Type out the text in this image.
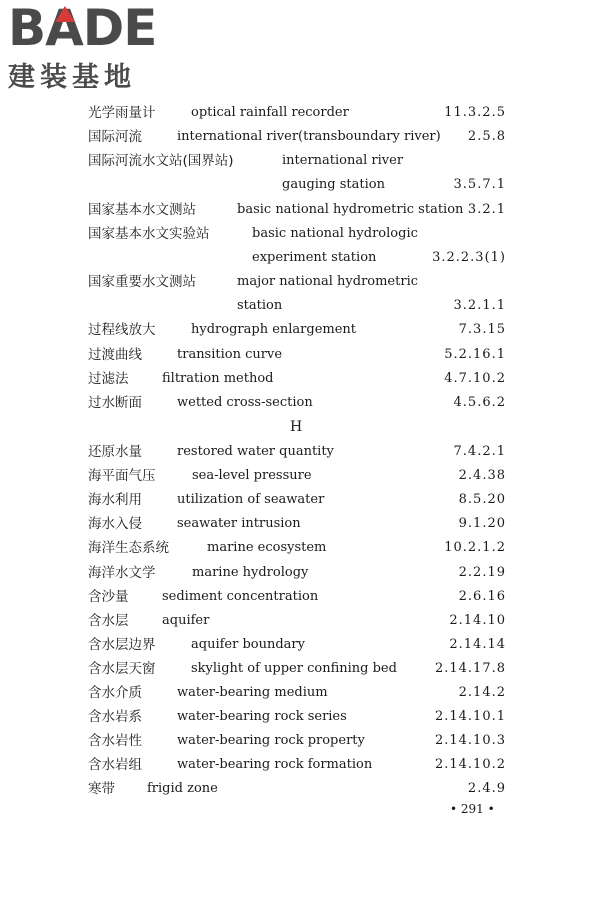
BADE
建装基地
光学雨量计	optical rainfall recorder	11.3.2.5
国际河流	international river(transboundary river) 2.5.8
国际河流水文站(国界站)	international river
gauging station	3.5.7.1
国家基本水文测站	basic national hydrometric station 3.2.1
国家基本水文实验站	basic national hydrologic
experiment station	3.2.2.3(1)
国家重要水文测站	major national hydrometric
station	3.2.1.1
过程线放大	hydrograph enlargement	7.3.15
过渡曲线	transition curve	5.2.16.1
过滤法	filtration method	4.7.10.2
过水断面	wetted cross-section	4.5.6.2
H
还原水量	restored water quantity	7.4.2.1
海平面气压	sea-level pressure	2.4.38
海水利用	utilization of seawater	8.5.20
海水入侵	seawater intrusion	9.1.20
海洋生态系统	marine ecosystem	10.2.1.2
海洋水文学	marine hydrology	2.2.19
含沙量	sediment concentration	2.6.16
含水层	aquifer	2.14.10
含水层边界	aquifer boundary	2.14.14
含水层天窗	skylight of upper confining bed	2.14.17.8
含水介质	water-bearing medium	2.14.2
含水岩系	water-bearing rock series	2.14.10.1
含水岩性	water-bearing rock property	2.14.10.3
含水岩组	water-bearing rock formation	2.14.10.2
寒带 frigid zone	2.4.9
• 291 •
